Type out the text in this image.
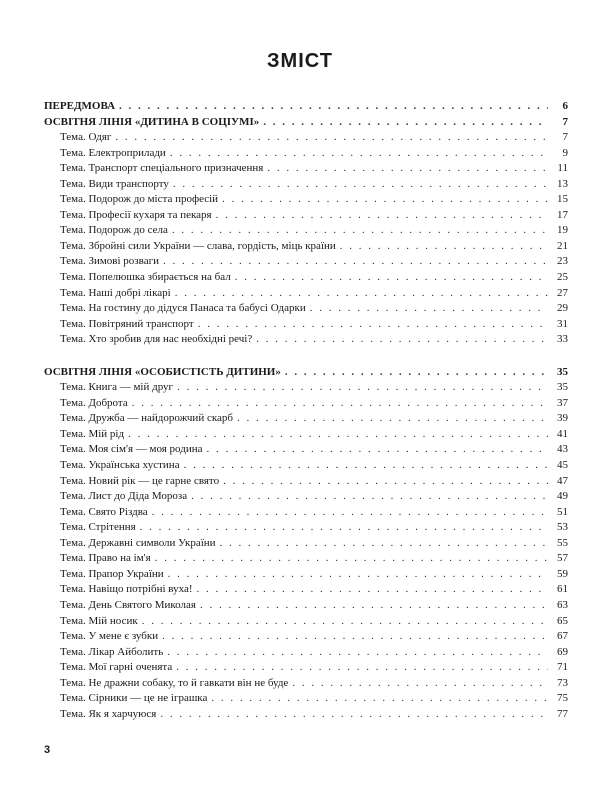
ЗМІСТ
ПЕРЕДМОВА . . .	6
ОСВІТНЯ ЛІНІЯ «ДИТИНА В СОЦІУМІ» . . .	7
Тема. Одяг . . .	7
Тема. Електроприлади . . .	9
Тема. Транспорт спеціального призначення . . .	11
Тема. Види транспорту . . .	13
Тема. Подорож до міста професій . . .	15
Тема. Професії кухаря та пекаря . . .	17
Тема. Подорож до села . . .	19
Тема. Збройні сили України — слава, гордість, міць країни . . .	21
Тема. Зимові розваги . . .	23
Тема. Попелюшка збирається на бал . . .	25
Тема. Наші добрі лікарі . . .	27
Тема. На гостину до дідуся Панаса та бабусі Одарки . . .	29
Тема. Повітряний транспорт . . .	31
Тема. Хто зробив для нас необхідні речі? . . .	33
ОСВІТНЯ ЛІНІЯ «ОСОБИСТІСТЬ ДИТИНИ» . . .	35
Тема. Книга — мій друг . . .	35
Тема. Доброта . . .	37
Тема. Дружба — найдорожчий скарб . . .	39
Тема. Мій рід . . .	41
Тема. Моя сім'я — моя родина . . .	43
Тема. Українська хустина . . .	45
Тема. Новий рік — це гарне свято . . .	47
Тема. Лист до Діда Мороза . . .	49
Тема. Свято Різдва . . .	51
Тема. Стрітення . . .	53
Тема. Державні символи України . . .	55
Тема. Право на ім'я . . .	57
Тема. Прапор України . . .	59
Тема. Навіщо потрібні вуха! . . .	61
Тема. День Святого Миколая . . .	63
Тема. Мій носик . . .	65
Тема. У мене є зубки . . .	67
Тема. Лікар Айболить . . .	69
Тема. Мої гарні оченята . . .	71
Тема. Не дражни собаку, то й гавкати він не буде . . .	73
Тема. Сірники — це не іграшка . . .	75
Тема. Як я харчуюся . . .	77
3
